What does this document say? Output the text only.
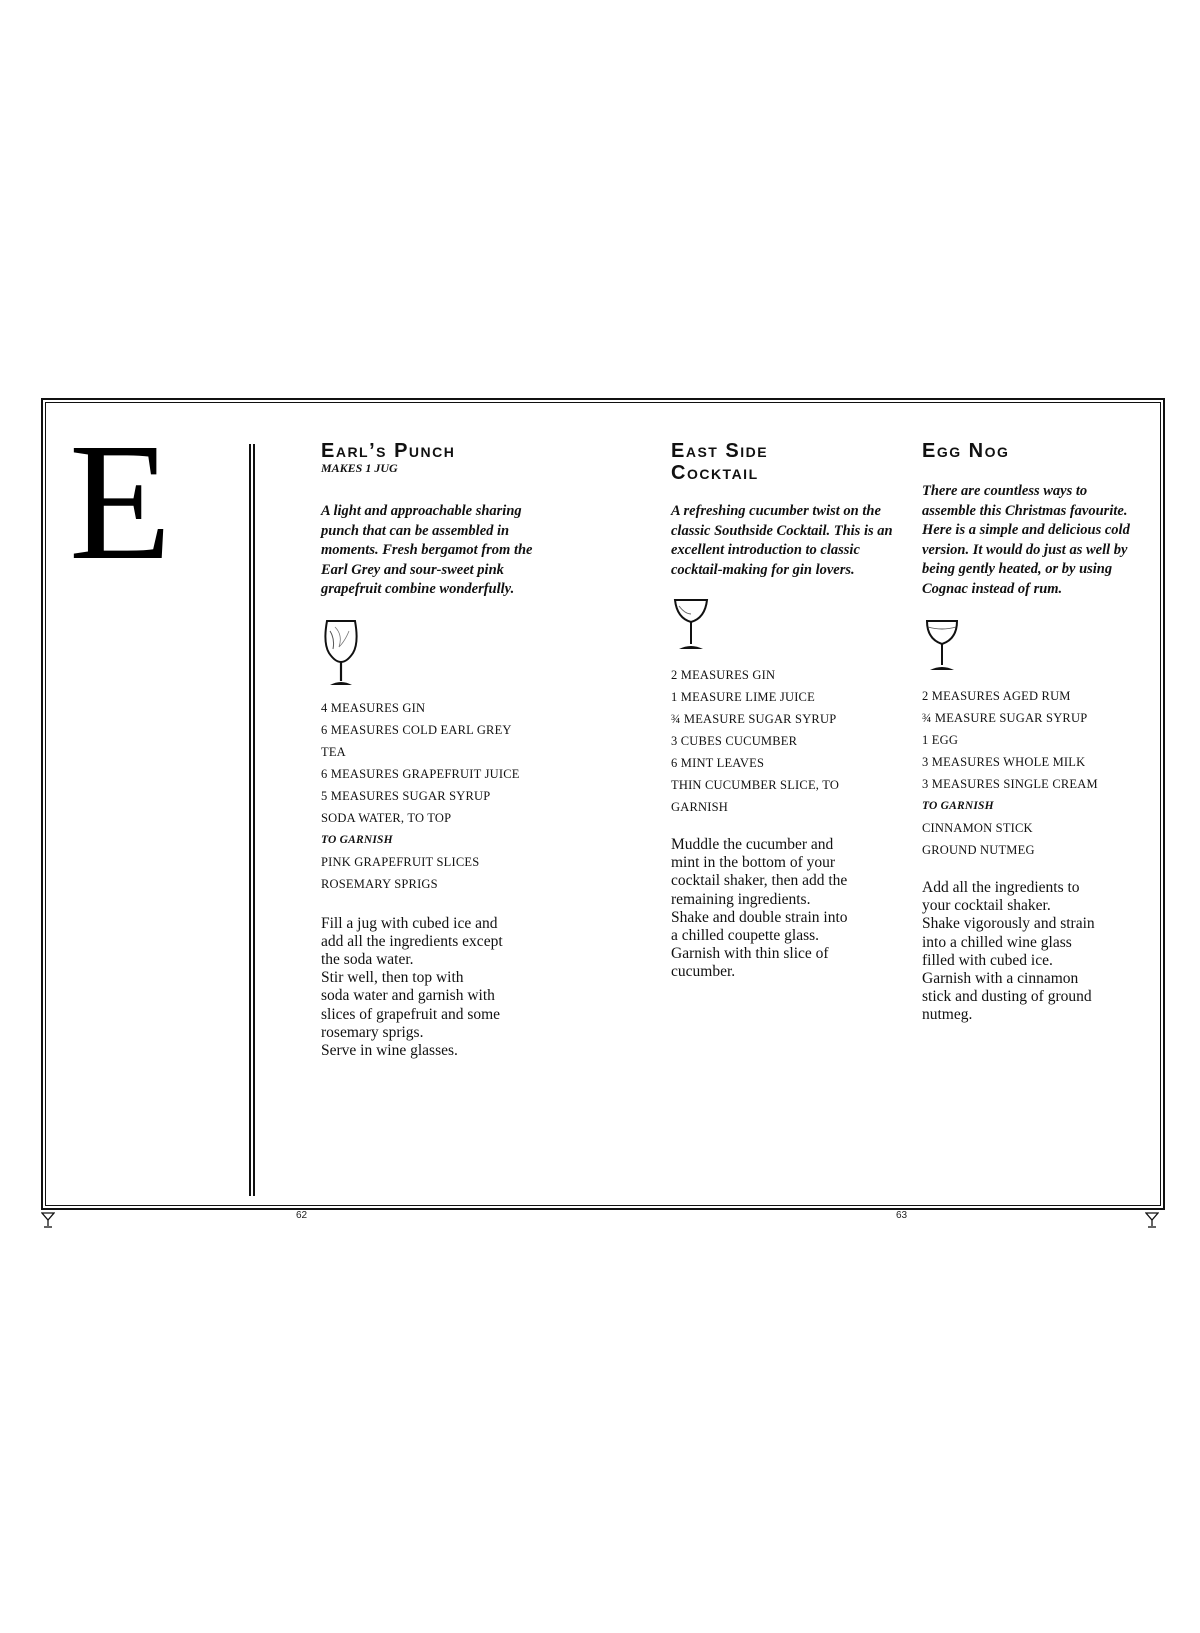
E	Earl’s Punch

MAKES 1 JUG

A light and approachable sharing punch that can be assembled in moments. Fresh bergamot from the Earl Grey and sour-sweet pink grapefruit combine wonderfully.

4 MEASURES GIN
6 MEASURES COLD EARL GREY
TEA
6 MEASURES GRAPEFRUIT JUICE
5 MEASURES SUGAR SYRUP
SODA WATER, TO TOP
TO GARNISH
PINK GRAPEFRUIT SLICES
ROSEMARY SPRIGS

Fill a jug with cubed ice and
add all the ingredients except
the soda water.
Stir well, then top with
soda water and garnish with
slices of grapefruit and some
rosemary sprigs.
Serve in wine glasses.

East Side
Cocktail

A refreshing cucumber twist on the classic Southside Cocktail. This is an excellent introduction to classic cocktail-making for gin lovers.

2 MEASURES GIN
1 MEASURE LIME JUICE
¾ MEASURE SUGAR SYRUP
3 CUBES CUCUMBER
6 MINT LEAVES
THIN CUCUMBER SLICE, TO
GARNISH

Muddle the cucumber and
mint in the bottom of your
cocktail shaker, then add the
remaining ingredients.
Shake and double strain into
a chilled coupette glass.
Garnish with thin slice of
cucumber.

Egg Nog

There are countless ways to assemble this Christmas favourite. Here is a simple and delicious cold version. It would do just as well by being gently heated, or by using Cognac instead of rum.

2 MEASURES AGED RUM
¾ MEASURE SUGAR SYRUP
1 EGG
3 MEASURES WHOLE MILK
3 MEASURES SINGLE CREAM
TO GARNISH
CINNAMON STICK
GROUND NUTMEG

Add all the ingredients to
your cocktail shaker.
Shake vigorously and strain
into a chilled wine glass
filled with cubed ice.
Garnish with a cinnamon
stick and dusting of ground
nutmeg.

62	63
